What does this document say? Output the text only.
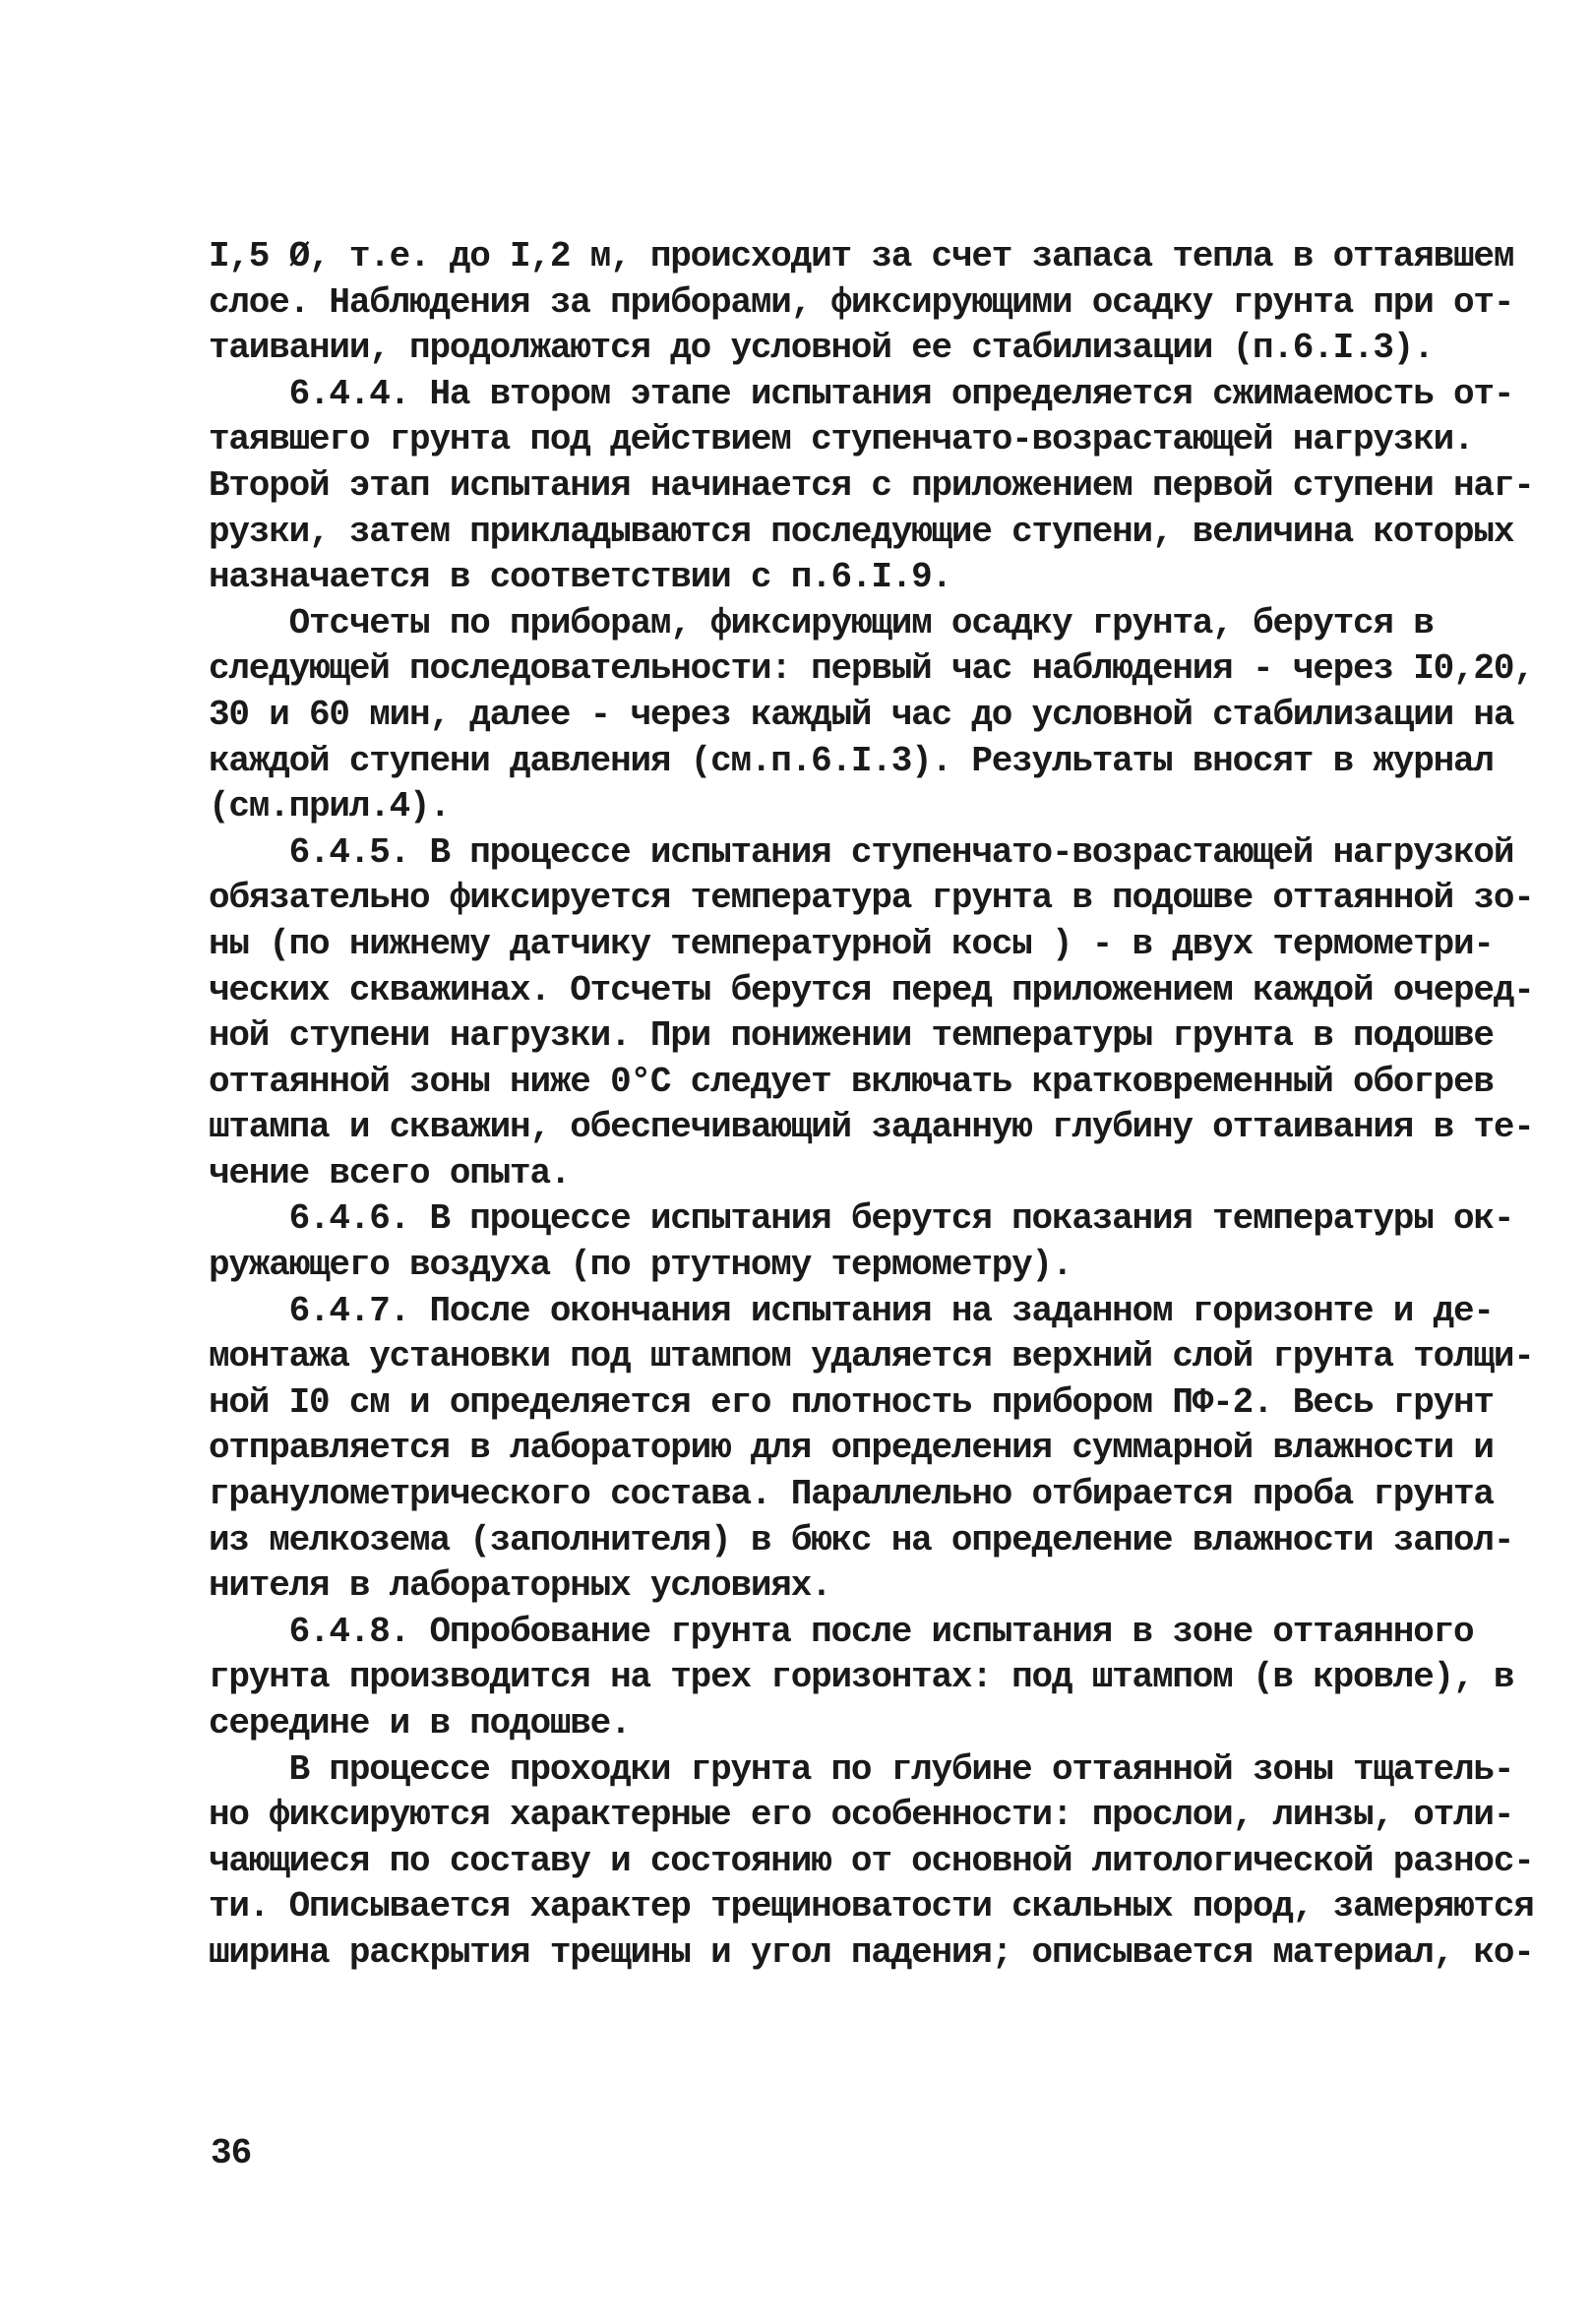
I,5 Ø, т.е. до I,2 м, происходит за счет запаса тепла в оттаявшем
слое. Наблюдения за приборами, фиксирующими осадку грунта при от-
таивании, продолжаются до условной ее стабилизации (п.6.I.3).
6.4.4. На втором этапе испытания определяется сжимаемость от-
таявшего грунта под действием ступенчато-возрастающей нагрузки.
Второй этап испытания начинается с приложением первой ступени наг-
рузки, затем прикладываются последующие ступени, величина которых
назначается в соответствии с п.6.I.9.
Отсчеты по приборам, фиксирующим осадку грунта, берутся в
следующей последовательности: первый час наблюдения - через I0,20,
30 и 60 мин, далее - через каждый час до условной стабилизации на
каждой ступени давления (см.п.6.I.3). Результаты вносят в журнал
(см.прил.4).
6.4.5. В процессе испытания ступенчато-возрастающей нагрузкой
обязательно фиксируется температура грунта в подошве оттаянной зо-
ны (по нижнему датчику температурной косы ) - в двух термометри-
ческих скважинах. Отсчеты берутся перед приложением каждой очеред-
ной ступени нагрузки. При понижении температуры грунта в подошве
оттаянной зоны ниже 0°С следует включать кратковременный обогрев
штампа и скважин, обеспечивающий заданную глубину оттаивания в те-
чение всего опыта.
6.4.6. В процессе испытания берутся показания температуры ок-
ружающего воздуха (по ртутному термометру).
6.4.7. После окончания испытания на заданном горизонте и де-
монтажа установки под штампом удаляется верхний слой грунта толщи-
ной I0 см и определяется его плотность прибором ПФ-2. Весь грунт
отправляется в лабораторию для определения суммарной влажности и
гранулометрического состава. Параллельно отбирается проба грунта
из мелкозема (заполнителя) в бюкс на определение влажности запол-
нителя в лабораторных условиях.
6.4.8. Опробование грунта после испытания в зоне оттаянного
грунта производится на трех горизонтах: под штампом (в кровле), в
середине и в подошве.
В процессе проходки грунта по глубине оттаянной зоны тщатель-
но фиксируются характерные его особенности: прослои, линзы, отли-
чающиеся по составу и состоянию от основной литологической разнос-
ти. Описывается характер трещиноватости скальных пород, замеряются
ширина раскрытия трещины и угол падения; описывается материал, ко-
36
